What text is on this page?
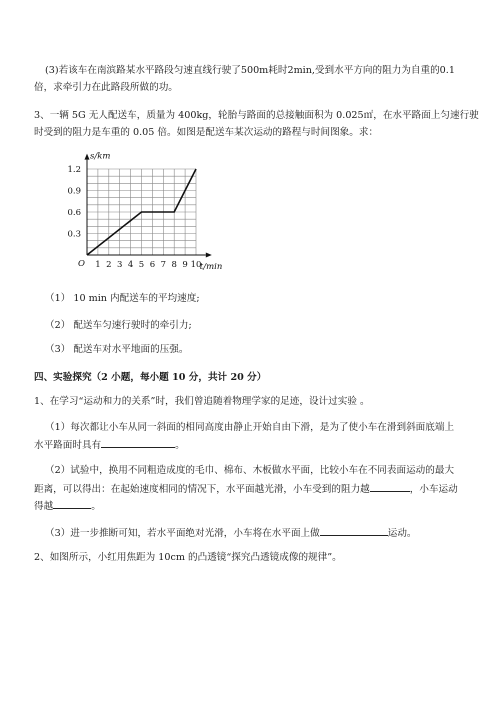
(3)若该车在南滨路某水平路段匀速直线行驶了500m耗时2min,受到水平方向的阻力为自重的0.1
倍，求牵引力在此路段所做的功。
3、一辆 5G 无人配送车，质量为 400kg，轮胎与路面的总接触面积为 0.025㎡，在水平路面上匀速行驶
时受到的阻力是车重的 0.05 倍。如图是配送车某次运动的路程与时间图象。求：
1 2 3 4 5 6 7 8 9 10
0.3
0.6
0.9
1.2
s/km
t/min
O
（1） 10 min 内配送车的平均速度;
（2） 配送车匀速行驶时的牵引力;
（3） 配送车对水平地面的压强。
四、实验探究（2 小题，每小题 10 分，共计 20 分）
1、在学习“运动和力的关系”时，我们曾追随着物理学家的足迹，设计过实验 。
（1）每次都让小车从同一斜面的相同高度由静止开始自由下滑，是为了使小车在滑到斜面底端上
水平路面时具有	。
（2）试验中，换用不同粗造成度的毛巾、棉布、木板做水平面，比较小车在不同表面运动的最大
距离，可以得出：在起始速度相同的情况下，水平面越光滑，小车受到的阻力越	，小车运动
得越	。
（3）进一步推断可知，若水平面绝对光滑，小车将在水平面上做	运动。
2、如图所示，小红用焦距为 10cm 的凸透镜“探究凸透镜成像的规律”。
